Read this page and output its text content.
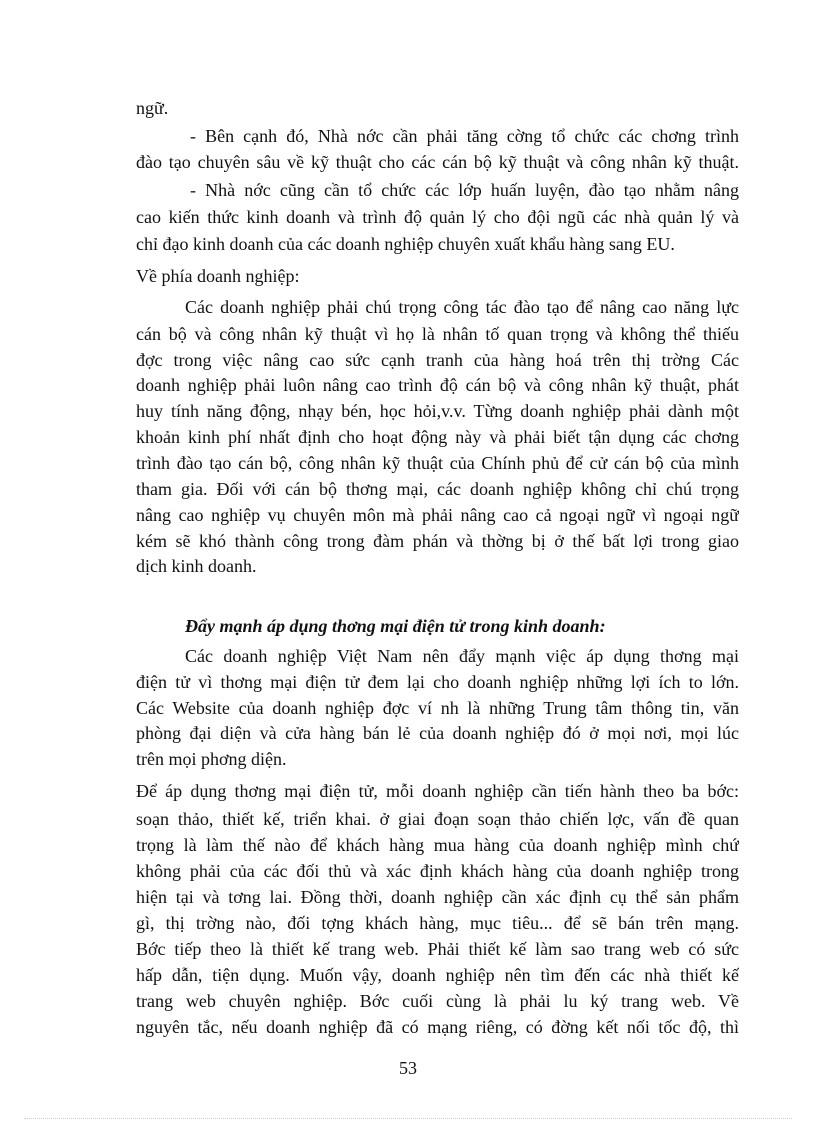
ngữ.
- Bên cạnh đó, Nhà nớc cần phải tăng cờng tổ chức các chơng trình
đào tạo chuyên sâu về kỹ thuật cho các cán bộ kỹ thuật và công nhân kỹ thuật.
- Nhà nớc cũng cần tổ chức các lớp huấn luyện, đào tạo nhằm nâng
cao kiến thức kinh doanh và trình độ quản lý cho đội ngũ các nhà quản lý và
chỉ đạo kinh doanh của các doanh nghiệp chuyên xuất khẩu hàng sang EU.
Về phía doanh nghiệp:
Các doanh nghiệp phải chú trọng công tác đào tạo để nâng cao năng lực
cán bộ và công nhân kỹ thuật vì họ là nhân tố quan trọng và không thể thiếu
đợc trong việc nâng cao sức cạnh tranh của hàng hoá trên thị trờng Các
doanh nghiệp phải luôn nâng cao trình độ cán bộ và công nhân kỹ thuật, phát
huy tính năng động, nhạy bén, học hỏi,v.v. Từng doanh nghiệp phải dành một
khoản kinh phí nhất định cho hoạt động này và phải biết tận dụng các chơng
trình đào tạo cán bộ, công nhân kỹ thuật của Chính phủ để cử cán bộ của mình
tham gia. Đối với cán bộ thơng mại, các doanh nghiệp không chỉ chú trọng
nâng cao nghiệp vụ chuyên môn mà phải nâng cao cả ngoại ngữ vì ngoại ngữ
kém sẽ khó thành công trong đàm phán và thờng bị ở thế bất lợi trong giao
dịch kinh doanh.
Đẩy mạnh áp dụng thơng mại điện tử trong kinh doanh:
Các doanh nghiệp Việt Nam nên đẩy mạnh việc áp dụng thơng mại
điện tử vì thơng mại điện tử đem lại cho doanh nghiệp những lợi ích to lớn.
Các Website của doanh nghiệp đợc ví nh là những Trung tâm thông tin, văn
phòng đại diện và cửa hàng bán lẻ của doanh nghiệp đó ở mọi nơi, mọi lúc
trên mọi phơng diện.
Để áp dụng thơng mại điện tử, mỗi doanh nghiệp cần tiến hành theo ba bớc:
soạn thảo, thiết kế, triển khai. ở giai đoạn soạn thảo chiến lợc, vấn đề quan
trọng là làm thế nào để khách hàng mua hàng của doanh nghiệp mình chứ
không phải của các đối thủ và xác định khách hàng của doanh nghiệp trong
hiện tại và tơng lai. Đồng thời, doanh nghiệp cần xác định cụ thể sản phẩm
gì, thị trờng nào, đối tợng khách hàng, mục tiêu... để sẽ bán trên mạng.
Bớc tiếp theo là thiết kế trang web. Phải thiết kế làm sao trang web có sức
hấp dẫn, tiện dụng. Muốn vậy, doanh nghiệp nên tìm đến các nhà thiết kế
trang web chuyên nghiệp. Bớc cuối cùng là phải lu ký trang web. Về
nguyên tắc, nếu doanh nghiệp đã có mạng riêng, có đờng kết nối tốc độ, thì
53
